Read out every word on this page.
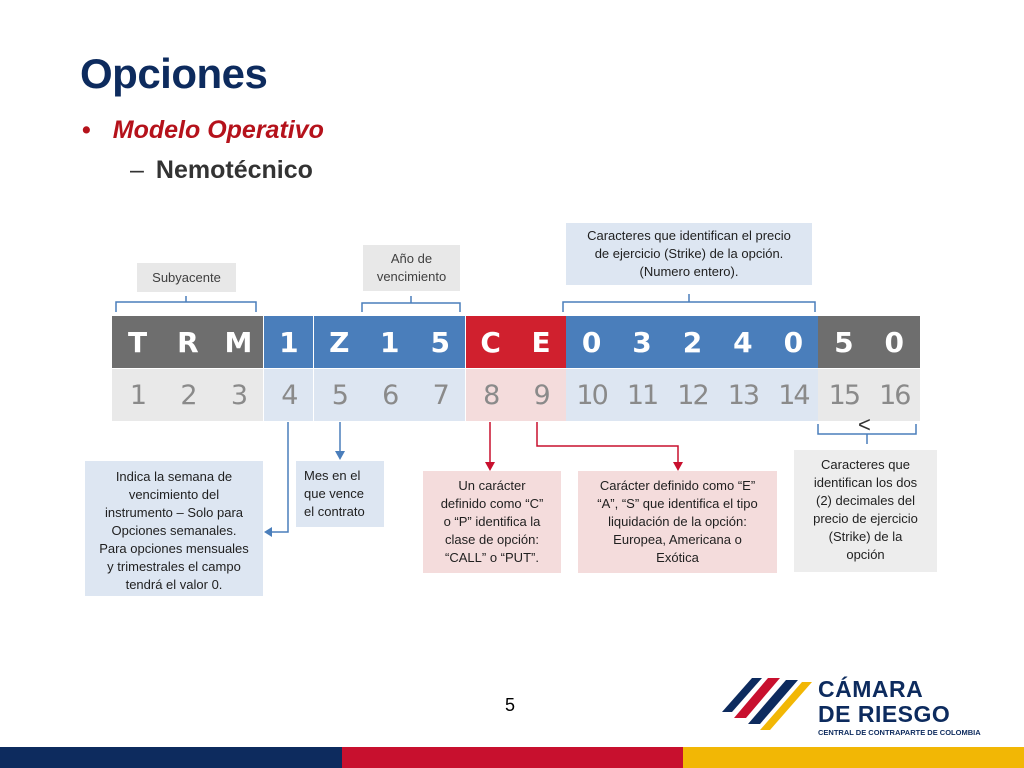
Opciones
• Modelo Operativo
– Nemotécnico
Subyacente
Año de
vencimiento
Caracteres que identifican el precio
de ejercicio (Strike) de la opción.
(Numero entero).
T	R M 1	Z	1	5	C	E	0	3	2	4	0	5	0
1	2	3	4	5	6	7	8	9	10 11 12 13 14 15 16
<
Indica la semana de
vencimiento del
instrumento – Solo para
Opciones semanales.
Para opciones mensuales
y trimestrales el campo
tendrá el valor 0.
Mes en el
que vence
el contrato
Un carácter
definido como “C”
o “P” identifica la
clase de opción:
“CALL” o “PUT”.
Carácter definido como “E”
“A”, “S” que identifica el tipo
liquidación de la opción:
Europea, Americana o
Exótica
Caracteres que
identifican los dos
(2) decimales del
precio de ejercicio
(Strike) de la
opción
5
CÁMARA
DE RIESGO
CENTRAL DE CONTRAPARTE DE COLOMBIA
